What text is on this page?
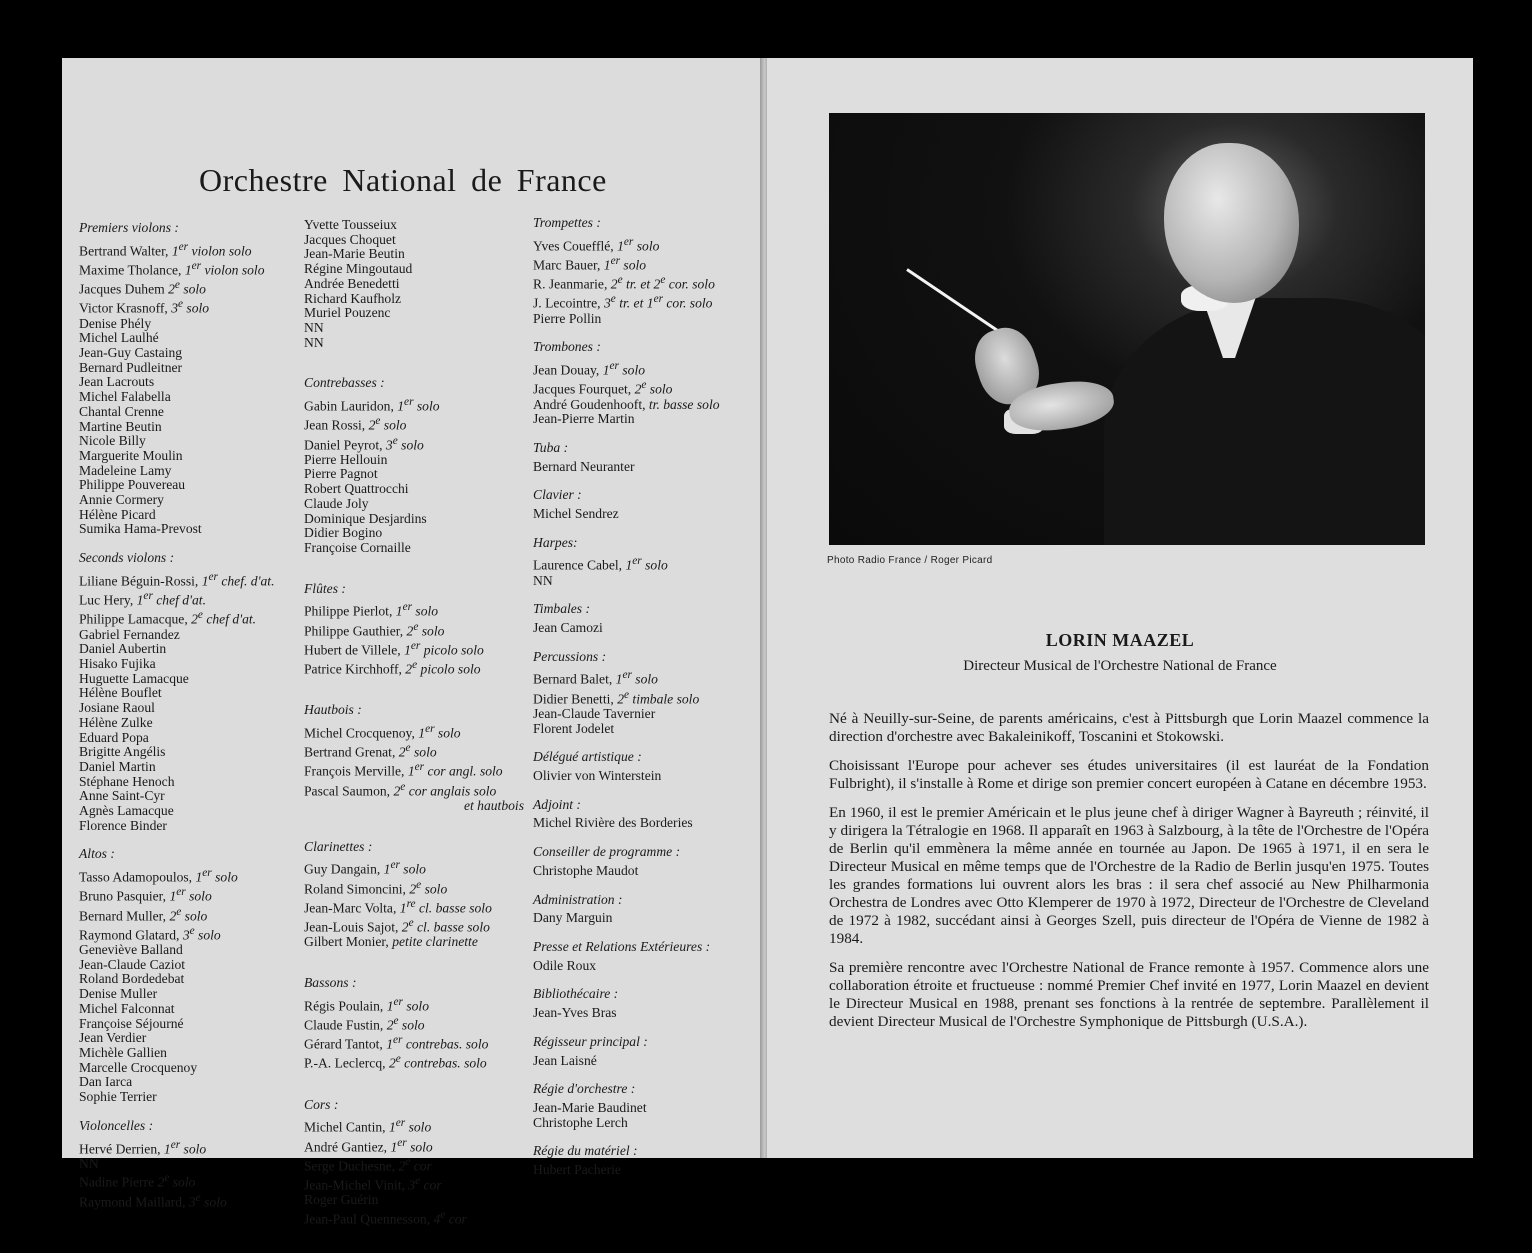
Orchestre National de France
Premiers violons :
Bertrand Walter, 1er violon solo
Maxime Tholance, 1er violon solo
Jacques Duhem 2e solo
Victor Krasnoff, 3e solo
Denise Phély
Michel Laulhé
Jean-Guy Castaing
Bernard Pudleitner
Jean Lacrouts
Michel Falabella
Chantal Crenne
Martine Beutin
Nicole Billy
Marguerite Moulin
Madeleine Lamy
Philippe Pouvereau
Annie Cormery
Hélène Picard
Sumika Hama-Prevost
Seconds violons :
Liliane Béguin-Rossi, 1er chef. d'at.
Luc Hery, 1er chef d'at.
Philippe Lamacque, 2e chef d'at.
Gabriel Fernandez
Daniel Aubertin
Hisako Fujika
Huguette Lamacque
Hélène Bouflet
Josiane Raoul
Hélène Zulke
Eduard Popa
Brigitte Angélis
Daniel Martin
Stéphane Henoch
Anne Saint-Cyr
Agnès Lamacque
Florence Binder
Altos :
Tasso Adamopoulos, 1er solo
Bruno Pasquier, 1er solo
Bernard Muller, 2e solo
Raymond Glatard, 3e solo
Geneviève Balland
Jean-Claude Caziot
Roland Bordedebat
Denise Muller
Michel Falconnat
Françoise Séjourné
Jean Verdier
Michèle Gallien
Marcelle Crocquenoy
Dan Iarca
Sophie Terrier
Violoncelles :
Hervé Derrien, 1er solo
NN
Nadine Pierre 2e solo
Raymond Maillard, 3e solo
Yvette Tousseiux
Jacques Choquet
Jean-Marie Beutin
Régine Mingoutaud
Andrée Benedetti
Richard Kaufholz
Muriel Pouzenc
NN
NN
Contrebasses :
Gabin Lauridon, 1er solo
Jean Rossi, 2e solo
Daniel Peyrot, 3e solo
Pierre Hellouin
Pierre Pagnot
Robert Quattrocchi
Claude Joly
Dominique Desjardins
Didier Bogino
Françoise Cornaille
Flûtes :
Philippe Pierlot, 1er solo
Philippe Gauthier, 2e solo
Hubert de Villele, 1er picolo solo
Patrice Kirchhoff, 2e picolo solo
Hautbois :
Michel Crocquenoy, 1er solo
Bertrand Grenat, 2e solo
François Merville, 1er cor angl. solo
Pascal Saumon, 2e cor anglais solo
et hautbois
Clarinettes :
Guy Dangain, 1er solo
Roland Simoncini, 2e solo
Jean-Marc Volta, 1re cl. basse solo
Jean-Louis Sajot, 2e cl. basse solo
Gilbert Monier, petite clarinette
Bassons :
Régis Poulain, 1er solo
Claude Fustin, 2e solo
Gérard Tantot, 1er contrebas. solo
P.-A. Leclercq, 2e contrebas. solo
Cors :
Michel Cantin, 1er solo
André Gantiez, 1er solo
Serge Duchesne, 2e cor
Jean-Michel Vinit, 3e cor
Roger Guérin
Jean-Paul Quennesson, 4e cor
Trompettes :
Yves Couefflé, 1er solo
Marc Bauer, 1er solo
R. Jeanmarie, 2e tr. et 2e cor. solo
J. Lecointre, 3e tr. et 1er cor. solo
Pierre Pollin
Trombones :
Jean Douay, 1er solo
Jacques Fourquet, 2e solo
André Goudenhooft, tr. basse solo
Jean-Pierre Martin
Tuba :
Bernard Neuranter
Clavier :
Michel Sendrez
Harpes:
Laurence Cabel, 1er solo
NN
Timbales :
Jean Camozi
Percussions :
Bernard Balet, 1er solo
Didier Benetti, 2e timbale solo
Jean-Claude Tavernier
Florent Jodelet
Délégué artistique :
Olivier von Winterstein
Adjoint :
Michel Rivière des Borderies
Conseiller de programme :
Christophe Maudot
Administration :
Dany Marguin
Presse et Relations Extérieures :
Odile Roux
Bibliothécaire :
Jean-Yves Bras
Régisseur principal :
Jean Laisné
Régie d'orchestre :
Jean-Marie Baudinet
Christophe Lerch
Régie du matériel :
Hubert Pacherie
Photo Radio France / Roger Picard
LORIN MAAZEL
Directeur Musical de l'Orchestre National de France

Né à Neuilly-sur-Seine, de parents américains, c'est à Pittsburgh que Lorin Maazel commence la direction d'orchestre avec Bakaleinikoff, Toscanini et Stokowski.

Choisissant l'Europe pour achever ses études universitaires (il est lauréat de la Fondation Fulbright), il s'installe à Rome et dirige son premier concert européen à Catane en décembre 1953.

En 1960, il est le premier Américain et le plus jeune chef à diriger Wagner à Bayreuth ; réinvité, il y dirigera la Tétralogie en 1968. Il apparaît en 1963 à Salzbourg, à la tête de l'Orchestre de l'Opéra de Berlin qu'il emmènera la même année en tournée au Japon. De 1965 à 1971, il en sera le Directeur Musical en même temps que de l'Orchestre de la Radio de Berlin jusqu'en 1975. Toutes les grandes formations lui ouvrent alors les bras : il sera chef associé au New Philharmonia Orchestra de Londres avec Otto Klemperer de 1970 à 1972, Directeur de l'Orchestre de Cleveland de 1972 à 1982, succédant ainsi à Georges Szell, puis directeur de l'Opéra de Vienne de 1982 à 1984.

Sa première rencontre avec l'Orchestre National de France remonte à 1957. Commence alors une collaboration étroite et fructueuse : nommé Premier Chef invité en 1977, Lorin Maazel en devient le Directeur Musical en 1988, prenant ses fonctions à la rentrée de septembre. Parallèlement il devient Directeur Musical de l'Orchestre Symphonique de Pittsburgh (U.S.A.).
